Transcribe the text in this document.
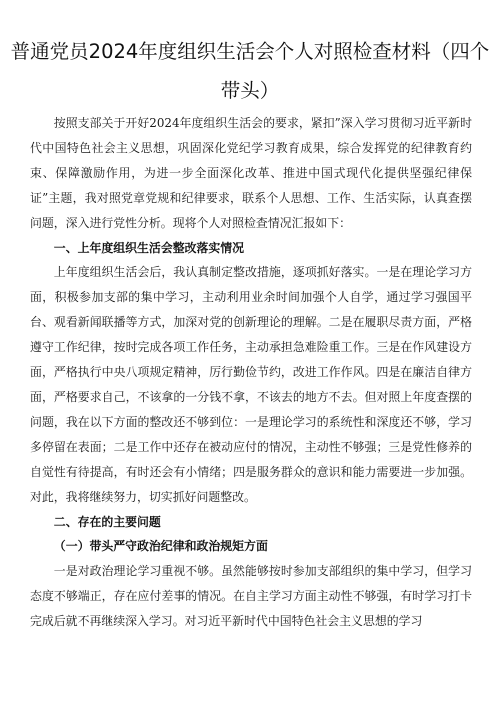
普通党员2024年度组织生活会个人对照检查材料（四个
带头）

按照支部关于开好2024年度组织生活会的要求，紧扣”深入学习贯彻习近平新时代中国特色社会主义思想，巩固深化党纪学习教育成果，综合发挥党的纪律教育约束、保障激励作用，为进一步全面深化改革、推进中国式现代化提供坚强纪律保证”主题，我对照党章党规和纪律要求，联系个人思想、工作、生活实际，认真查摆问题，深入进行党性分析。现将个人对照检查情况汇报如下：

一、上年度组织生活会整改落实情况

上年度组织生活会后，我认真制定整改措施，逐项抓好落实。一是在理论学习方面，积极参加支部的集中学习，主动利用业余时间加强个人自学，通过学习强国平台、观看新闻联播等方式，加深对党的创新理论的理解。二是在履职尽责方面，严格遵守工作纪律，按时完成各项工作任务，主动承担急难险重工作。三是在作风建设方面，严格执行中央八项规定精神，厉行勤俭节约，改进工作作风。四是在廉洁自律方面，严格要求自己，不该拿的一分钱不拿，不该去的地方不去。但对照上年度查摆的问题，我在以下方面的整改还不够到位：一是理论学习的系统性和深度还不够，学习多停留在表面；二是工作中还存在被动应付的情况，主动性不够强；三是党性修养的自觉性有待提高，有时还会有小情绪；四是服务群众的意识和能力需要进一步加强。对此，我将继续努力，切实抓好问题整改。

二、存在的主要问题

（一）带头严守政治纪律和政治规矩方面

一是对政治理论学习重视不够。虽然能够按时参加支部组织的集中学习，但学习态度不够端正，存在应付差事的情况。在自主学习方面主动性不够强，有时学习打卡完成后就不再继续深入学习。对习近平新时代中国特色社会主义思想的学习
